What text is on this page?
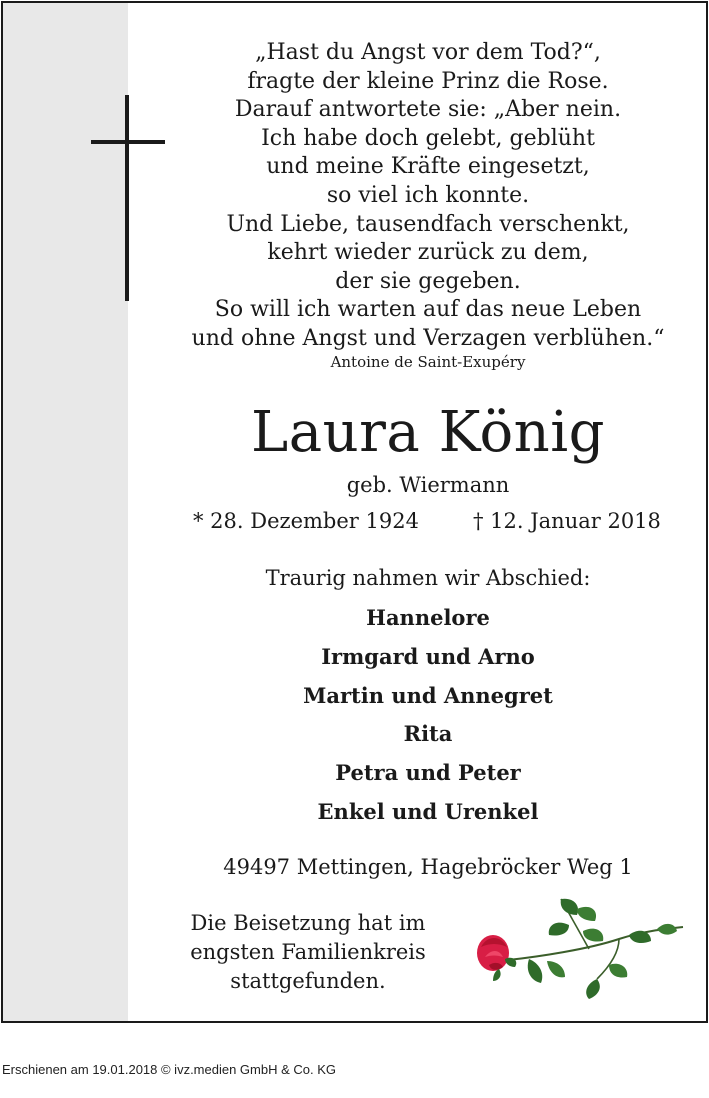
„Hast du Angst vor dem Tod?“,
fragte der kleine Prinz die Rose.
Darauf antwortete sie: „Aber nein.
Ich habe doch gelebt, geblüht
und meine Kräfte eingesetzt,
so viel ich konnte.
Und Liebe, tausendfach verschenkt,
kehrt wieder zurück zu dem,
der sie gegeben.
So will ich warten auf das neue Leben
und ohne Angst und Verzagen verblühen.“
Antoine de Saint-Exupéry
Laura König
geb. Wiermann
* 28. Dezember 1924	† 12. Januar 2018
Traurig nahmen wir Abschied:
Hannelore
Irmgard und Arno
Martin und Annegret
Rita
Petra und Peter
Enkel und Urenkel
49497 Mettingen, Hagebröcker Weg 1
Die Beisetzung hat im
engsten Familienkreis
stattgefunden.
Erschienen am 19.01.2018 © ivz.medien GmbH & Co. KG
